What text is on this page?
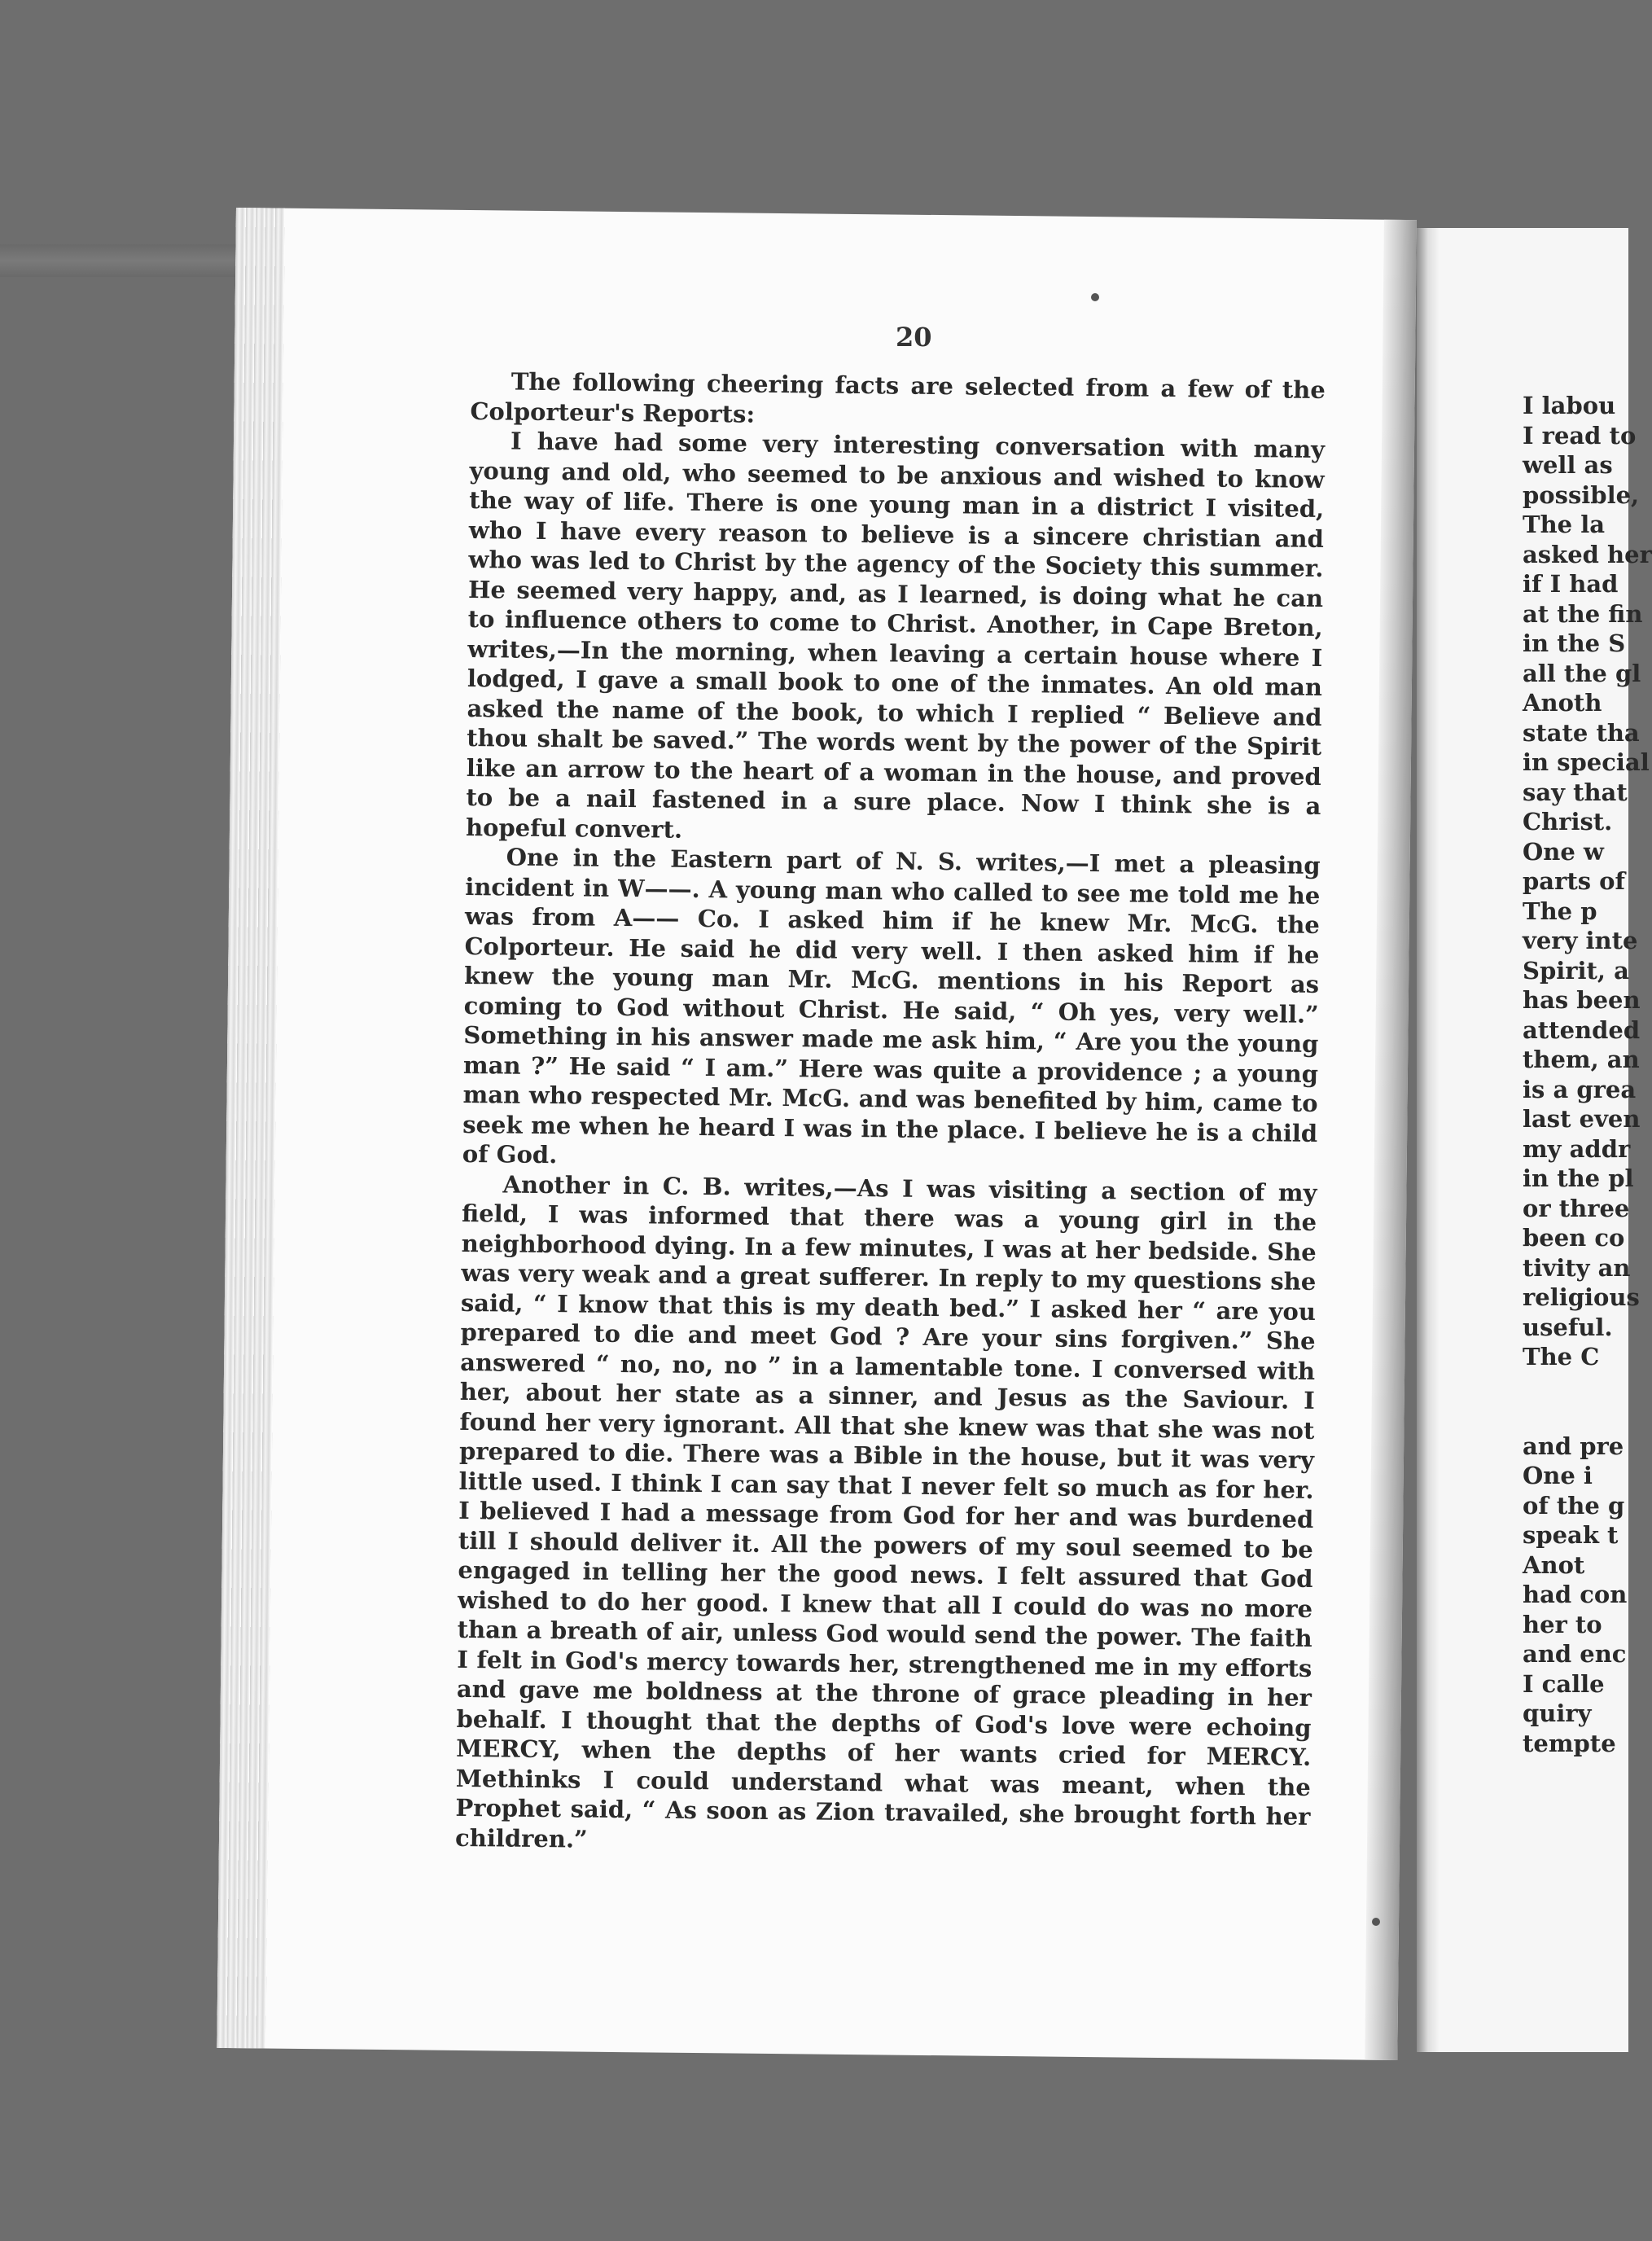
20

The following cheering facts are selected from a few of the Colporteur's Reports:

I have had some very interesting conversation with many young and old, who seemed to be anxious and wished to know the way of life. There is one young man in a district I visited, who I have every reason to believe is a sincere christian and who was led to Christ by the agency of the Society this summer. He seemed very happy, and, as I learned, is doing what he can to influence others to come to Christ. Another, in Cape Breton, writes,—In the morning, when leaving a certain house where I lodged, I gave a small book to one of the inmates. An old man asked the name of the book, to which I replied “ Believe and thou shalt be saved.” The words went by the power of the Spirit like an arrow to the heart of a woman in the house, and proved to be a nail fastened in a sure place. Now I think she is a hopeful convert.

One in the Eastern part of N. S. writes,—I met a pleasing incident in W——. A young man who called to see me told me he was from A—— Co. I asked him if he knew Mr. McG. the Colporteur. He said he did very well. I then asked him if he knew the young man Mr. McG. mentions in his Report as coming to God without Christ. He said, “ Oh yes, very well.” Something in his answer made me ask him, “ Are you the young man ?” He said “ I am.” Here was quite a providence ; a young man who respected Mr. McG. and was benefited by him, came to seek me when he heard I was in the place. I believe he is a child of God.

Another in C. B. writes,—As I was visiting a section of my field, I was informed that there was a young girl in the neighborhood dying. In a few minutes, I was at her bedside. She was very weak and a great sufferer. In reply to my questions she said, “ I know that this is my death bed.” I asked her “ are you prepared to die and meet God ? Are your sins forgiven.” She answered “ no, no, no ” in a lamentable tone. I conversed with her, about her state as a sinner, and Jesus as the Saviour. I found her very ignorant. All that she knew was that she was not prepared to die. There was a Bible in the house, but it was very little used. I think I can say that I never felt so much as for her. I believed I had a message from God for her and was burdened till I should deliver it. All the powers of my soul seemed to be engaged in telling her the good news. I felt assured that God wished to do her good. I knew that all I could do was no more than a breath of air, unless God would send the power. The faith I felt in God's mercy towards her, strengthened me in my efforts and gave me boldness at the throne of grace pleading in her behalf. I thought that the depths of God's love were echoing MERCY, when the depths of her wants cried for MERCY. Methinks I could understand what was meant, when the Prophet said, “ As soon as Zion travailed, she brought forth her children.”

I labou
I read to
well as
possible,
The la
asked her
if I had
at the fin
in the S
all the gl
Anoth
state tha
in special
say that
Christ.
One w
parts of
The p
very inte
Spirit, a
has been
attended
them, an
is a grea
last even
my addr
in the pl
or three
been co
tivity an
religious
useful.
The C
and pre
One i
of the g
speak t
Anot
had con
her to
and enc
I calle
quiry
tempte
